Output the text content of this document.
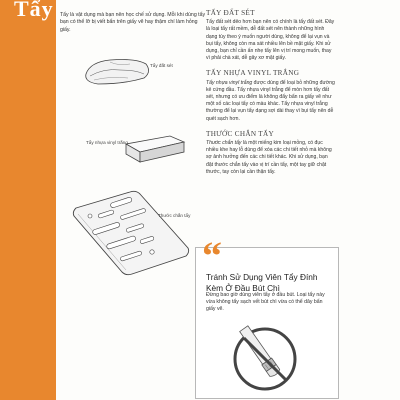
Tẩy Tẩy là vật dụng mà bạn nên học chế sử dụng. Mỗi khi dùng tẩy bạn có thể lỡ bị viết bẩn trên giấy vẽ hay thậm chí làm hỏng giấy.
Tẩy đất sét
Tẩy nhựa vinyl trắng
Thước chắn tẩy
TẨY ĐẤT SÉT

Tẩy đất sét dẻo hơn bạn nên có chính là tẩy đất sét. Đây là loại tẩy rất mềm, dễ đất sét nên thành những hình dạng tùy theo ý muốn người dùng, không để lại vụn và bụi tẩy, không còn ma sát nhiều lên bề mặt giấy. Khi sử dụng, bạn chỉ cần ấn nhẹ tẩy lên vị trí mong muốn, thay vì phải chà xát, dễ gây xơ mặt giấy.

TẨY NHỰA VINYL TRẮNG

Tẩy nhựa vinyl trắng được dùng để loại bỏ những đường kẻ cứng đầu. Tẩy nhựa vinyl trắng để mòn hơn tẩy đất sét, nhưng có ưu điểm là không đẩy bẩn ra giấy vẽ như một số các loại tẩy có màu khác. Tẩy nhựa vinyl trắng thường để lại vụn tẩy dạng sợi dài thay vì bụi tẩy nên dễ quét sạch hơn.

THƯỚC CHẮN TẨY

Thước chắn tẩy là một miếng kim loại mỏng, có đục nhiều khe hay lỗ dùng để xóa các chi tiết nhỏ mà không sợ ảnh hưởng đến các chi tiết khác. Khi sử dụng, bạn đặt thước chắn tẩy vào vị trí cần tẩy, một tay giữ chặt thước, tay còn lại cần thận tẩy.

“
Tránh Sử Dụng Viên Tẩy Đính Kèm Ở Đầu Bút Chì
Đừng bao giờ dùng viên tẩy ở đầu bút. Loại tẩy này vừa không tẩy sạch vết bút chì vừa có thể dây bẩn giấy vẽ.
